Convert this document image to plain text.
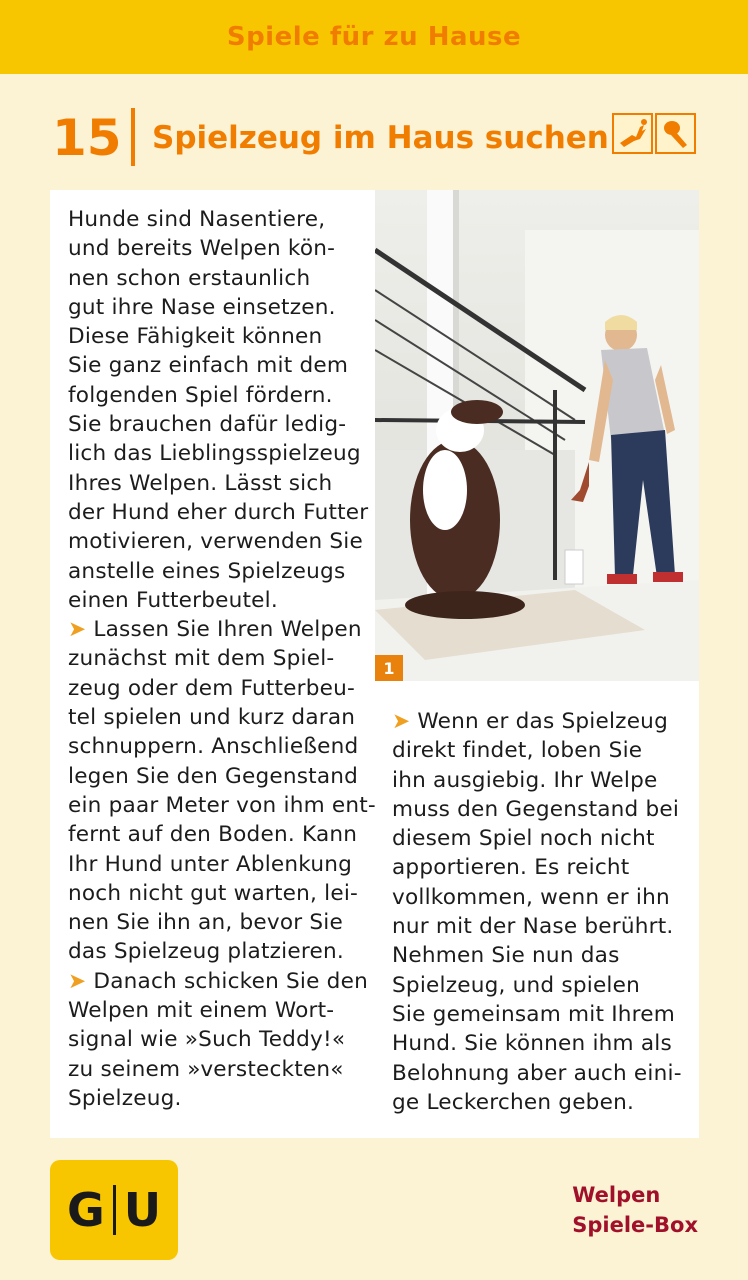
Spiele für zu Hause
15 Spielzeug im Haus suchen
1
Hunde sind Nasentiere,
und bereits Welpen kön-
nen schon erstaunlich
gut ihre Nase einsetzen.
Diese Fähigkeit können
Sie ganz einfach mit dem
folgenden Spiel fördern.
Sie brauchen dafür ledig-
lich das Lieblingsspielzeug
Ihres Welpen. Lässt sich
der Hund eher durch Futter
motivieren, verwenden Sie
anstelle eines Spielzeugs
einen Futterbeutel.
➤ Lassen Sie Ihren Welpen
zunächst mit dem Spiel-
zeug oder dem Futterbeu-
tel spielen und kurz daran
schnuppern. Anschließend
legen Sie den Gegenstand
ein paar Meter von ihm ent-
fernt auf den Boden. Kann
Ihr Hund unter Ablenkung
noch nicht gut warten, lei-
nen Sie ihn an, bevor Sie
das Spielzeug platzieren.
➤ Danach schicken Sie den
Welpen mit einem Wort-
signal wie »Such Teddy!«
zu seinem »versteckten«
Spielzeug.
➤ Wenn er das Spielzeug
direkt findet, loben Sie
ihn ausgiebig. Ihr Welpe
muss den Gegenstand bei
diesem Spiel noch nicht
apportieren. Es reicht
vollkommen, wenn er ihn
nur mit der Nase berührt.
Nehmen Sie nun das
Spielzeug, und spielen
Sie gemeinsam mit Ihrem
Hund. Sie können ihm als
Belohnung aber auch eini-
ge Leckerchen geben.
G U	Welpen
Spiele-Box
